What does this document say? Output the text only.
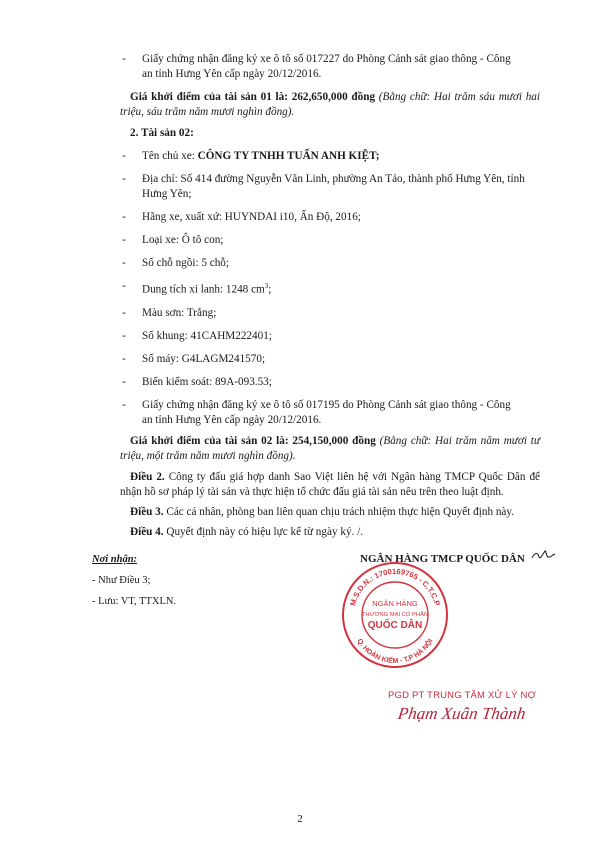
- Giấy chứng nhận đăng ký xe ô tô số 017227 do Phòng Cảnh sát giao thông - Công
an tỉnh Hưng Yên cấp ngày 20/12/2016.
Giá khởi điểm của tài sản 01 là: 262,650,000 đồng (Bằng chữ: Hai trăm sáu mươi hai triệu, sáu trăm năm mươi nghìn đồng).
2. Tài sản 02:
- Tên chủ xe: CÔNG TY TNHH TUẤN ANH KIỆT;
- Địa chỉ: Số 414 đường Nguyễn Văn Linh, phường An Tảo, thành phố Hưng Yên, tỉnh Hưng Yên;
- Hãng xe, xuất xứ: HUYNDAI i10, Ấn Độ, 2016;
- Loại xe: Ô tô con;
- Số chỗ ngồi: 5 chỗ;
- Dung tích xi lanh: 1248 $cm^3$;
- Màu sơn: Trắng;
- Số khung: 41CAHM222401;
- Số máy: G4LAGM241570;
- Biển kiểm soát: 89A-093.53;
- Giấy chứng nhận đăng ký xe ô tô số 017195 do Phòng Cảnh sát giao thông - Công
an tỉnh Hưng Yên cấp ngày 20/12/2016.
Giá khởi điểm của tài sản 02 là: 254,150,000 đồng (Bằng chữ: Hai trăm năm mươi tư triệu, một trăm năm mươi nghìn đồng).
Điều 2. Công ty đấu giá hợp danh Sao Việt liên hệ với Ngân hàng TMCP Quốc Dân để nhận hồ sơ pháp lý tài sản và thực hiện tổ chức đấu giá tài sản nêu trên theo luật định.
Điều 3. Các cá nhân, phòng ban liên quan chịu trách nhiệm thực hiện Quyết định này.
Điều 4. Quyết định này có hiệu lực kể từ ngày ký. /.
Nơi nhận:
- Như Điều 3;
- Lưu: VT, TTXLN.
NGÂN HÀNG TMCP QUỐC DÂN
M.S.D.N.: 1700169765 - C.T.C.P
Q. HOÀN KIẾM - T.P HÀ NỘI
NGÂN HÀNG
THƯƠNG MẠI CỔ PHẦN
QUỐC DÂN
PGD PT TRUNG TÂM XỬ LÝ NỢ
Phạm Xuân Thành
2
